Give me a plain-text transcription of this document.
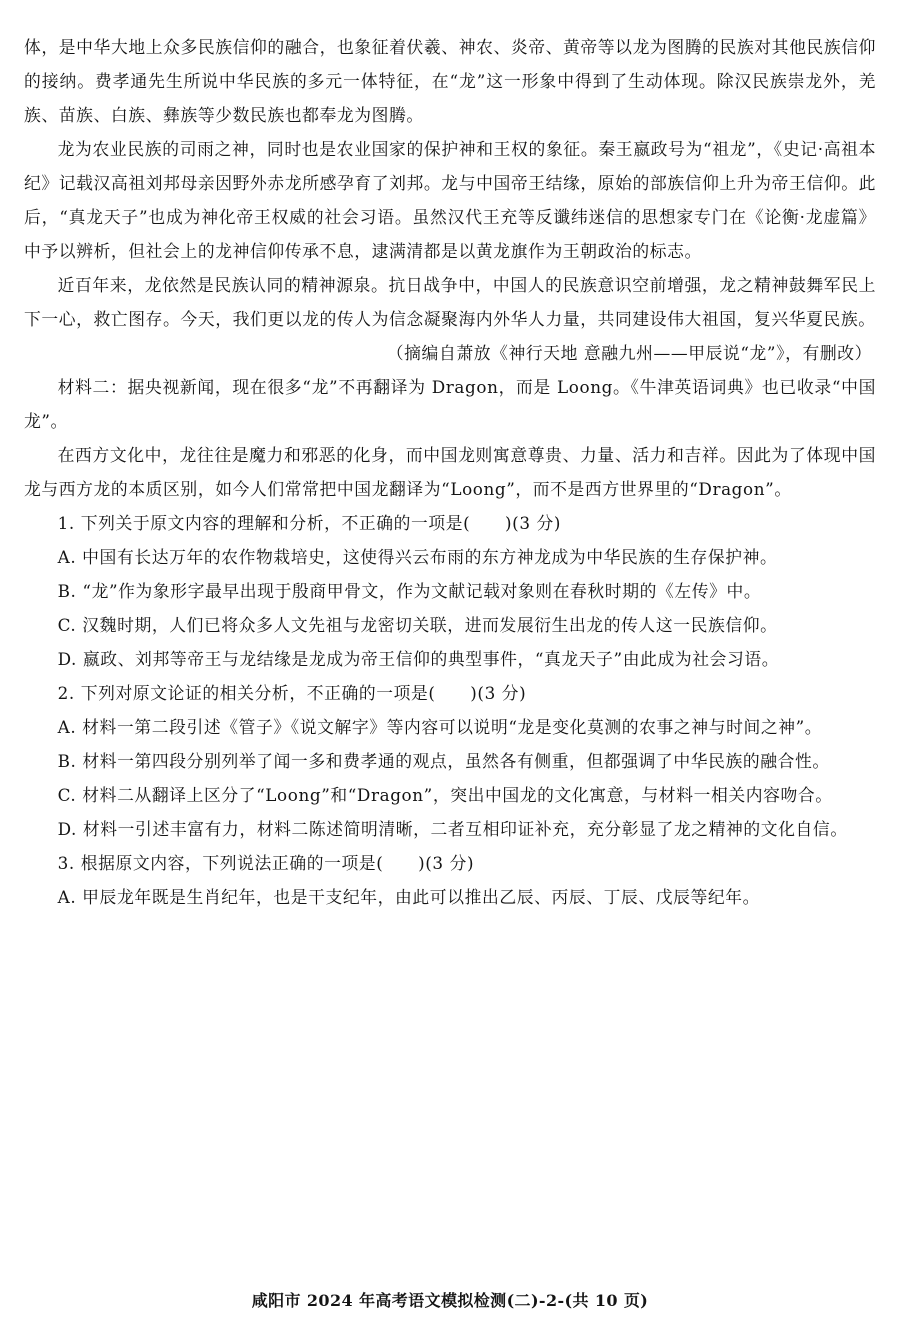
体，是中华大地上众多民族信仰的融合，也象征着伏羲、神农、炎帝、黄帝等以龙为图腾的民族对其他民族信仰的接纳。费孝通先生所说中华民族的多元一体特征，在“龙”这一形象中得到了生动体现。除汉民族崇龙外，羌族、苗族、白族、彝族等少数民族也都奉龙为图腾。

龙为农业民族的司雨之神，同时也是农业国家的保护神和王权的象征。秦王嬴政号为“祖龙”，《史记·高祖本纪》记载汉高祖刘邦母亲因野外赤龙所感孕育了刘邦。龙与中国帝王结缘，原始的部族信仰上升为帝王信仰。此后，“真龙天子”也成为神化帝王权威的社会习语。虽然汉代王充等反谶纬迷信的思想家专门在《论衡·龙虚篇》中予以辨析，但社会上的龙神信仰传承不息，逮满清都是以黄龙旗作为王朝政治的标志。

近百年来，龙依然是民族认同的精神源泉。抗日战争中，中国人的民族意识空前增强，龙之精神鼓舞军民上下一心，救亡图存。今天，我们更以龙的传人为信念凝聚海内外华人力量，共同建设伟大祖国，复兴华夏民族。

（摘编自萧放《神行天地 意融九州——甲辰说“龙”》，有删改）

材料二：据央视新闻，现在很多“龙”不再翻译为 Dragon，而是 Loong。《牛津英语词典》也已收录“中国龙”。

在西方文化中，龙往往是魔力和邪恶的化身，而中国龙则寓意尊贵、力量、活力和吉祥。因此为了体现中国龙与西方龙的本质区别，如今人们常常把中国龙翻译为“Loong”，而不是西方世界里的“Dragon”。

1. 下列关于原文内容的理解和分析，不正确的一项是(　　)(3 分)

A. 中国有长达万年的农作物栽培史，这使得兴云布雨的东方神龙成为中华民族的生存保护神。

B. “龙”作为象形字最早出现于殷商甲骨文，作为文献记载对象则在春秋时期的《左传》中。

C. 汉魏时期，人们已将众多人文先祖与龙密切关联，进而发展衍生出龙的传人这一民族信仰。

D. 嬴政、刘邦等帝王与龙结缘是龙成为帝王信仰的典型事件，“真龙天子”由此成为社会习语。

2. 下列对原文论证的相关分析，不正确的一项是(　　)(3 分)

A. 材料一第二段引述《管子》《说文解字》等内容可以说明“龙是变化莫测的农事之神与时间之神”。

B. 材料一第四段分别列举了闻一多和费孝通的观点，虽然各有侧重，但都强调了中华民族的融合性。

C. 材料二从翻译上区分了“Loong”和“Dragon”，突出中国龙的文化寓意，与材料一相关内容吻合。

D. 材料一引述丰富有力，材料二陈述简明清晰，二者互相印证补充，充分彰显了龙之精神的文化自信。

3. 根据原文内容，下列说法正确的一项是(　　)(3 分)

A. 甲辰龙年既是生肖纪年，也是干支纪年，由此可以推出乙辰、丙辰、丁辰、戊辰等纪年。

咸阳市 2024 年高考语文模拟检测(二)-2-(共 10 页)
